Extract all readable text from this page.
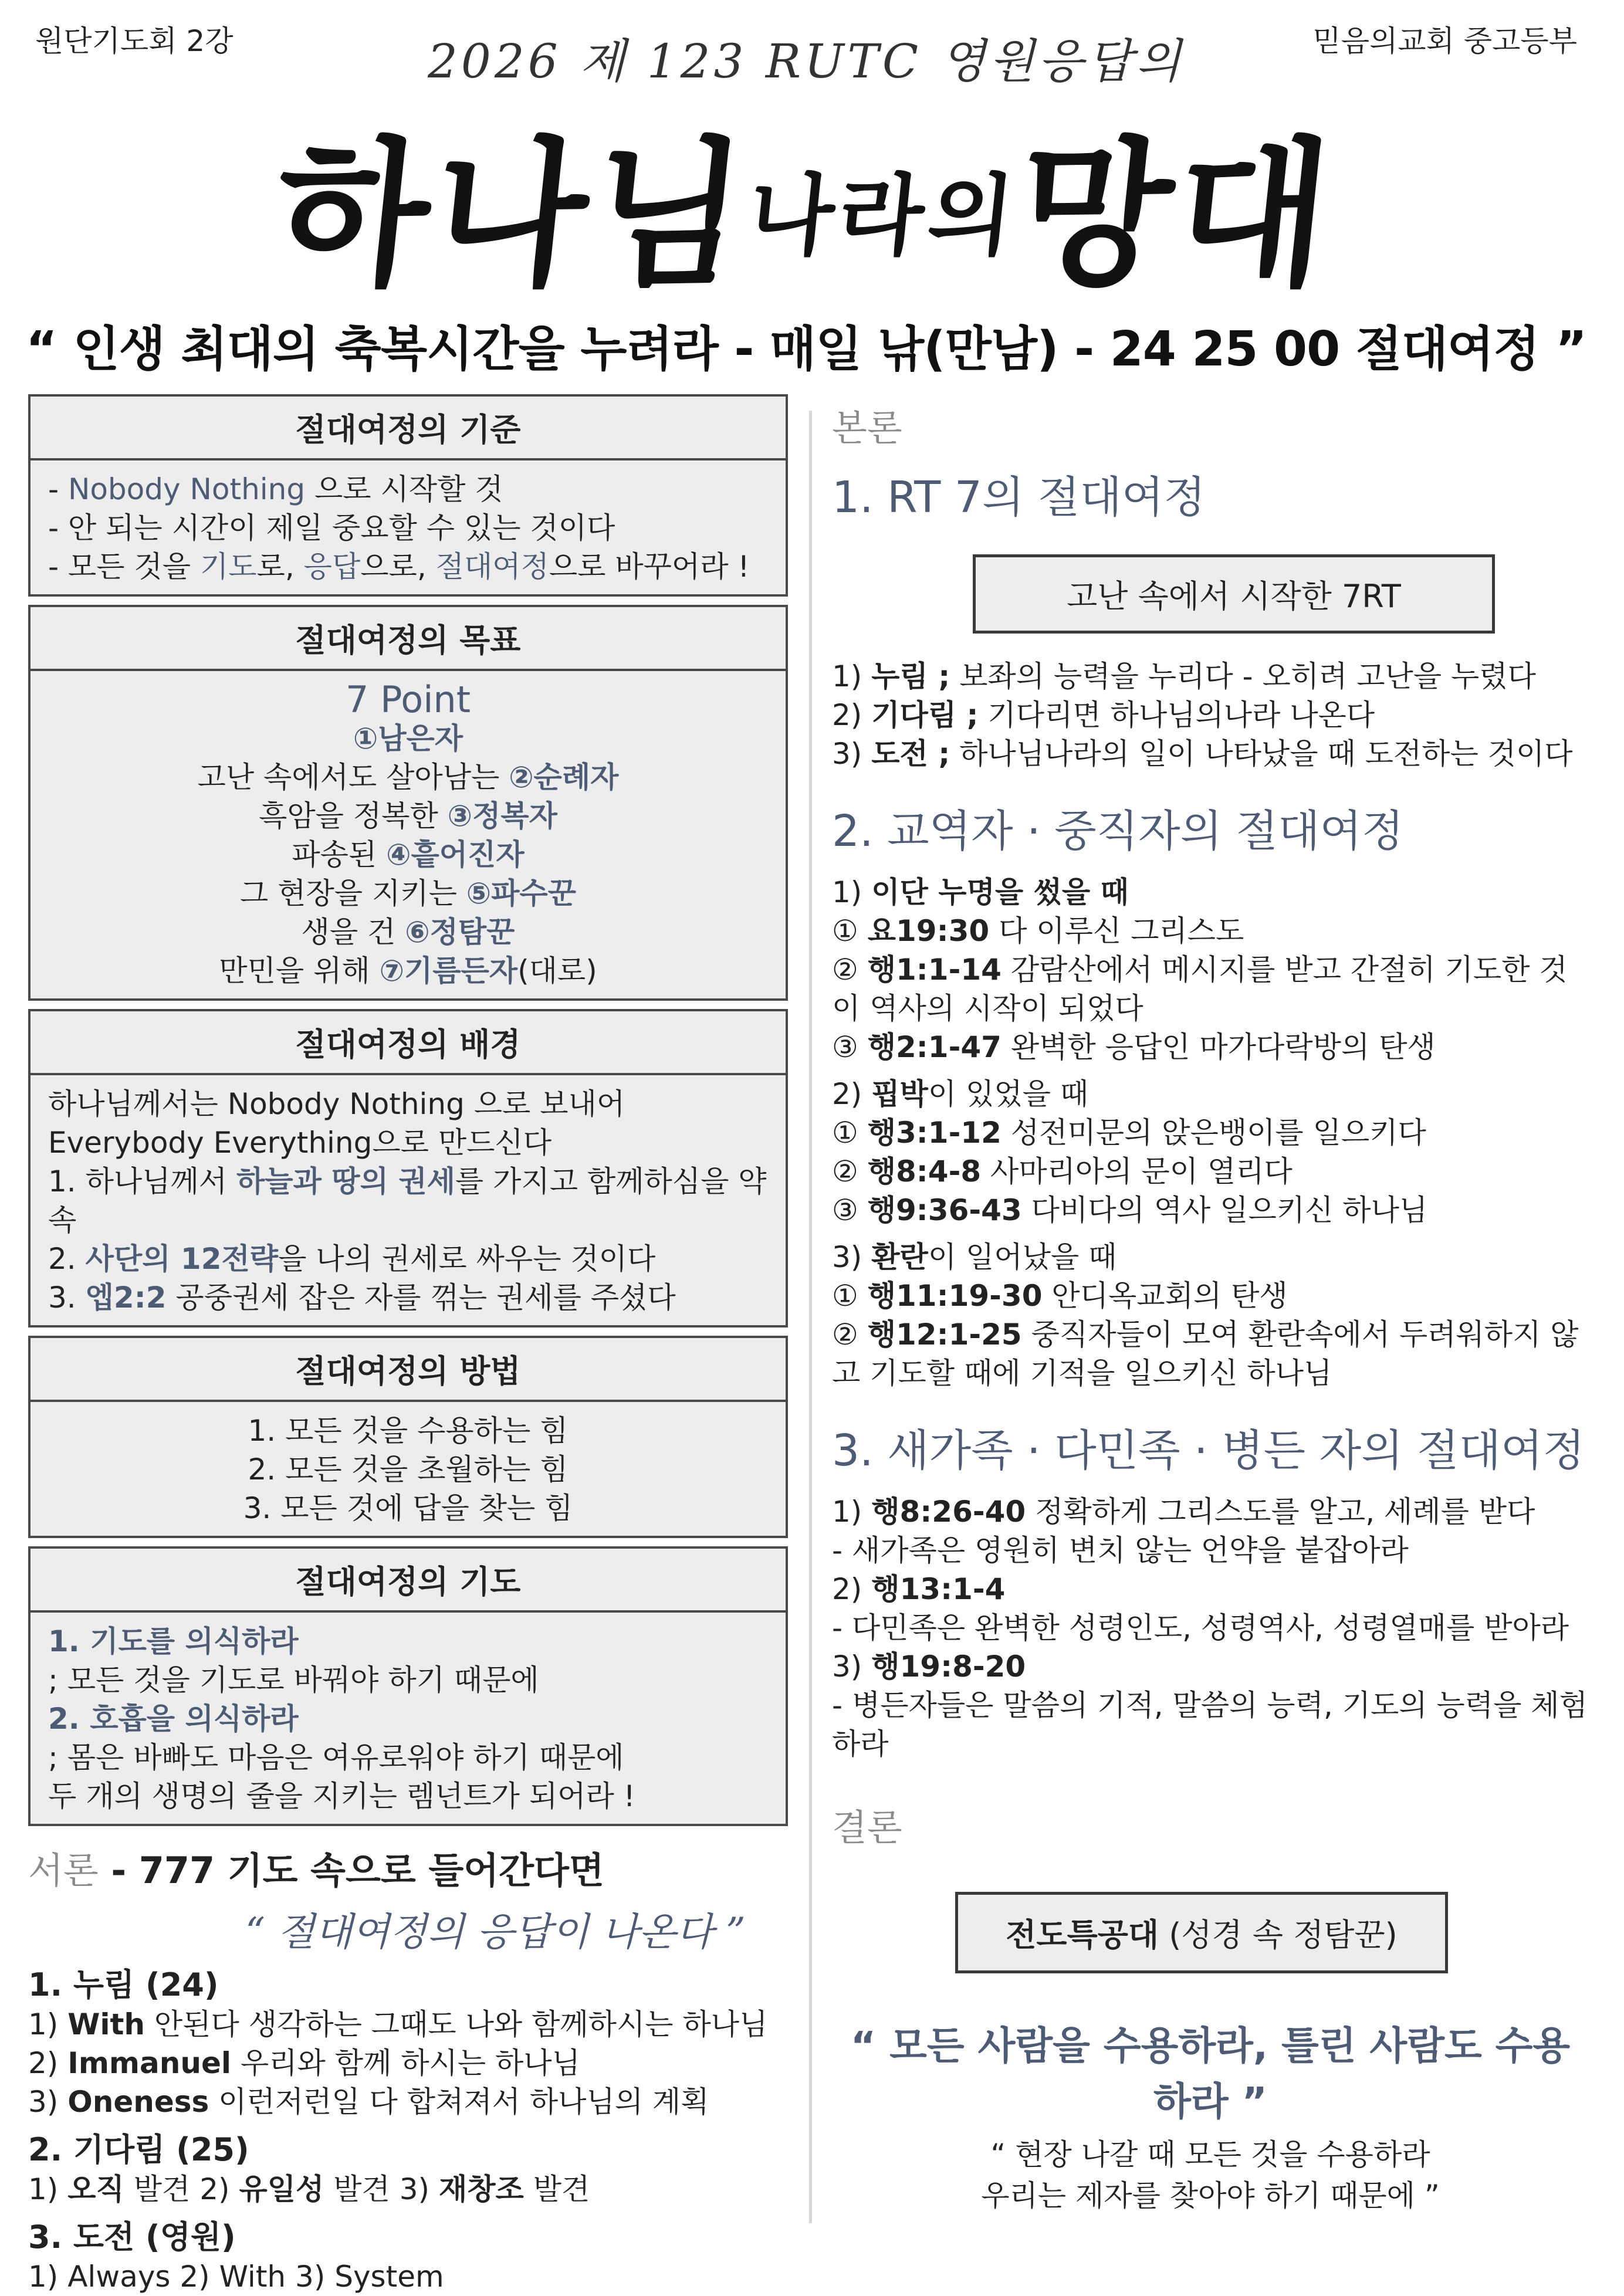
원단기도회 2강	믿음의교회 중고등부
2026 제 123 RUTC 영원응답의
하나님나라의망대
“ 인생 최대의 축복시간을 누려라 - 매일 낚(만남) - 24 25 00 절대여정 ”
절대여정의 기준
- Nobody Nothing 으로 시작할 것
- 안 되는 시간이 제일 중요할 수 있는 것이다
- 모든 것을 기도로, 응답으로, 절대여정으로 바꾸어라 !
절대여정의 목표
7 Point
①남은자
고난 속에서도 살아남는 ②순례자
흑암을 정복한 ③정복자
파송된 ④흩어진자
그 현장을 지키는 ⑤파수꾼
생을 건 ⑥정탐꾼
만민을 위해 ⑦기름든자(대로)
절대여정의 배경
하나님께서는 Nobody Nothing 으로 보내어
Everybody Everything으로 만드신다
1. 하나님께서 하늘과 땅의 권세를 가지고 함께하심을 약속
2. 사단의 12전략을 나의 권세로 싸우는 것이다
3. 엡2:2 공중권세 잡은 자를 꺾는 권세를 주셨다
절대여정의 방법
1. 모든 것을 수용하는 힘
2. 모든 것을 초월하는 힘
3. 모든 것에 답을 찾는 힘
절대여정의 기도
1. 기도를 의식하라
; 모든 것을 기도로 바꿔야 하기 때문에
2. 호흡을 의식하라
; 몸은 바빠도 마음은 여유로워야 하기 때문에
두 개의 생명의 줄을 지키는 렘넌트가 되어라 !
서론 - 777 기도 속으로 들어간다면
“ 절대여정의 응답이 나온다 ”
1. 누림 (24)
1) With 안된다 생각하는 그때도 나와 함께하시는 하나님
2) Immanuel 우리와 함께 하시는 하나님
3) Oneness 이런저런일 다 합쳐져서 하나님의 계획
2. 기다림 (25)
1) 오직 발견 2) 유일성 발견 3) 재창조 발견
3. 도전 (영원)
1) Always 2) With 3) System
본론
1. RT 7의 절대여정
고난 속에서 시작한 7RT
1) 누림 ; 보좌의 능력을 누리다 - 오히려 고난을 누렸다
2) 기다림 ; 기다리면 하나님의나라 나온다
3) 도전 ; 하나님나라의 일이 나타났을 때 도전하는 것이다
2. 교역자 · 중직자의 절대여정
1) 이단 누명을 썼을 때
① 요19:30 다 이루신 그리스도
② 행1:1-14 감람산에서 메시지를 받고 간절히 기도한 것이 역사의 시작이 되었다
③ 행2:1-47 완벽한 응답인 마가다락방의 탄생
2) 핍박이 있었을 때
① 행3:1-12 성전미문의 앉은뱅이를 일으키다
② 행8:4-8 사마리아의 문이 열리다
③ 행9:36-43 다비다의 역사 일으키신 하나님
3) 환란이 일어났을 때
① 행11:19-30 안디옥교회의 탄생
② 행12:1-25 중직자들이 모여 환란속에서 두려워하지 않고 기도할 때에 기적을 일으키신 하나님
3. 새가족 · 다민족 · 병든 자의 절대여정
1) 행8:26-40 정확하게 그리스도를 알고, 세례를 받다
- 새가족은 영원히 변치 않는 언약을 붙잡아라
2) 행13:1-4
- 다민족은 완벽한 성령인도, 성령역사, 성령열매를 받아라
3) 행19:8-20
- 병든자들은 말씀의 기적, 말씀의 능력, 기도의 능력을 체험하라
결론
전도특공대 (성경 속 정탐꾼)
“ 모든 사람을 수용하라, 틀린 사람도 수용하라 ”
“ 현장 나갈 때 모든 것을 수용하라
우리는 제자를 찾아야 하기 때문에 ”
